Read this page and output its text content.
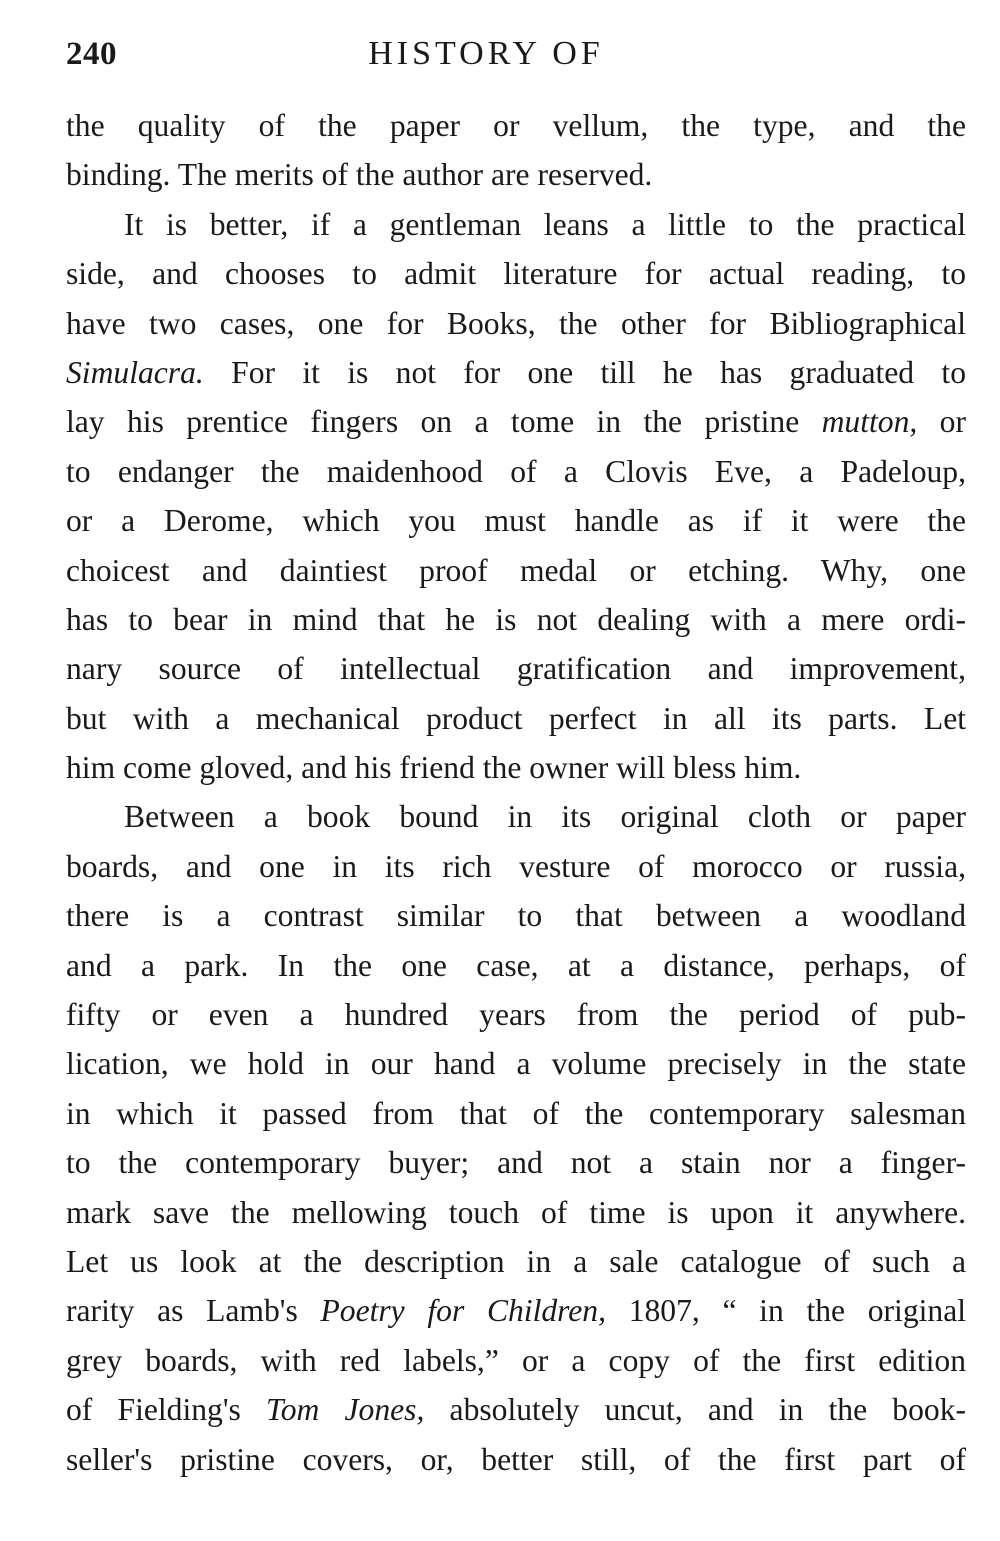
240	HISTORY OF
the quality of the paper or vellum, the type, and the
binding. The merits of the author are reserved.
It is better, if a gentleman leans a little to the practical
side, and chooses to admit literature for actual reading, to
have two cases, one for Books, the other for Bibliographical
Simulacra. For it is not for one till he has graduated to
lay his prentice fingers on a tome in the pristine mutton, or
to endanger the maidenhood of a Clovis Eve, a Padeloup,
or a Derome, which you must handle as if it were the
choicest and daintiest proof medal or etching. Why, one
has to bear in mind that he is not dealing with a mere ordi-
nary source of intellectual gratification and improvement,
but with a mechanical product perfect in all its parts. Let
him come gloved, and his friend the owner will bless him.
Between a book bound in its original cloth or paper
boards, and one in its rich vesture of morocco or russia,
there is a contrast similar to that between a woodland
and a park. In the one case, at a distance, perhaps, of
fifty or even a hundred years from the period of pub-
lication, we hold in our hand a volume precisely in the state
in which it passed from that of the contemporary salesman
to the contemporary buyer; and not a stain nor a finger-
mark save the mellowing touch of time is upon it anywhere.
Let us look at the description in a sale catalogue of such a
rarity as Lamb's Poetry for Children, 1807, “ in the original
grey boards, with red labels,” or a copy of the first edition
of Fielding's Tom Jones, absolutely uncut, and in the book-
seller's pristine covers, or, better still, of the first part of
